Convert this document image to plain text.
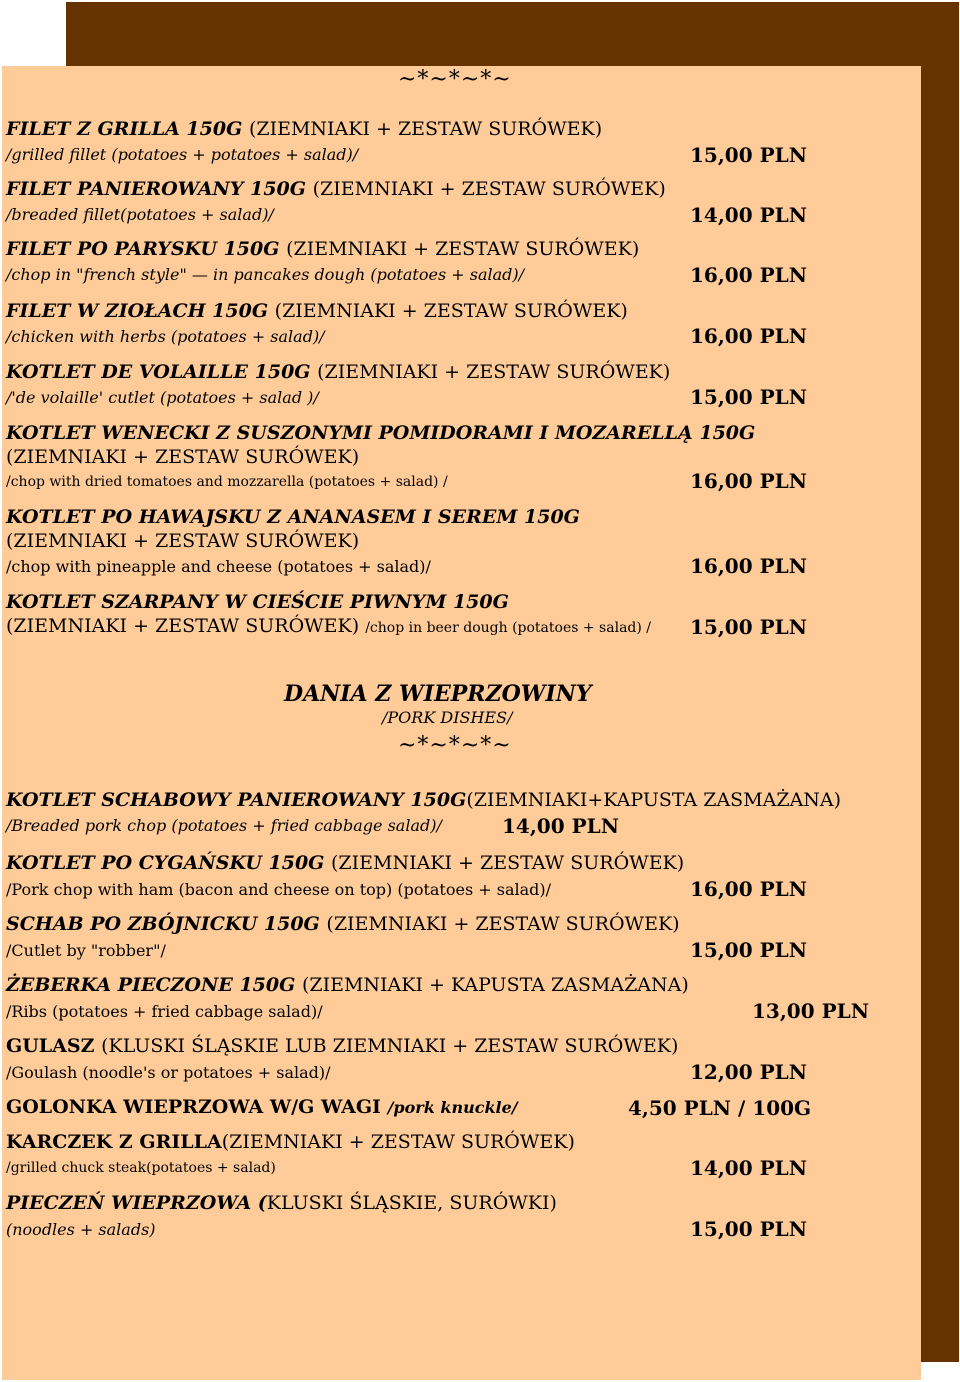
~*~*~*~
FILET Z GRILLA 150G (ZIEMNIAKI + ZESTAW SURÓWEK)
/grilled fillet (potatoes + potatoes + salad)/	15,00 PLN
FILET PANIEROWANY 150G (ZIEMNIAKI + ZESTAW SURÓWEK)
/breaded fillet(potatoes + salad)/	14,00 PLN
FILET PO PARYSKU 150G (ZIEMNIAKI + ZESTAW SURÓWEK)
/chop in "french style" — in pancakes dough (potatoes + salad)/	16,00 PLN
FILET W ZIOŁACH 150G (ZIEMNIAKI + ZESTAW SURÓWEK)
/chicken with herbs (potatoes + salad)/	16,00 PLN
KOTLET DE VOLAILLE 150G (ZIEMNIAKI + ZESTAW SURÓWEK)
/'de volaille' cutlet (potatoes + salad )/	15,00 PLN
KOTLET WENECKI Z SUSZONYMI POMIDORAMI I MOZARELLĄ 150G
(ZIEMNIAKI + ZESTAW SURÓWEK)
/chop with dried tomatoes and mozzarella (potatoes + salad) /	16,00 PLN
KOTLET PO HAWAJSKU Z ANANASEM I SEREM 150G
(ZIEMNIAKI + ZESTAW SURÓWEK)
/chop with pineapple and cheese (potatoes + salad)/	16,00 PLN
KOTLET SZARPANY W CIEŚCIE PIWNYM 150G
(ZIEMNIAKI + ZESTAW SURÓWEK) /chop in beer dough (potatoes + salad) / 15,00 PLN
DANIA Z WIEPRZOWINY
/PORK DISHES/
~*~*~*~
KOTLET SCHABOWY PANIEROWANY 150G(ZIEMNIAKI+KAPUSTA ZASMAŻANA)
/Breaded pork chop (potatoes + fried cabbage salad)/	14,00 PLN
KOTLET PO CYGAŃSKU 150G (ZIEMNIAKI + ZESTAW SURÓWEK)
/Pork chop with ham (bacon and cheese on top) (potatoes + salad)/	16,00 PLN
SCHAB PO ZBÓJNICKU 150G (ZIEMNIAKI + ZESTAW SURÓWEK)
/Cutlet by "robber"/	15,00 PLN
ŻEBERKA PIECZONE 150G (ZIEMNIAKI + KAPUSTA ZASMAŻANA)
/Ribs (potatoes + fried cabbage salad)/	13,00 PLN
GULASZ (KLUSKI ŚLĄSKIE LUB ZIEMNIAKI + ZESTAW SURÓWEK)
/Goulash (noodle's or potatoes + salad)/	12,00 PLN
GOLONKA WIEPRZOWA W/G WAGI /pork knuckle/	4,50 PLN / 100G
KARCZEK Z GRILLA(ZIEMNIAKI + ZESTAW SURÓWEK)
/grilled chuck steak(potatoes + salad)	14,00 PLN
PIECZEŃ WIEPRZOWA (KLUSKI ŚLĄSKIE, SURÓWKI)
(noodles + salads)	15,00 PLN
